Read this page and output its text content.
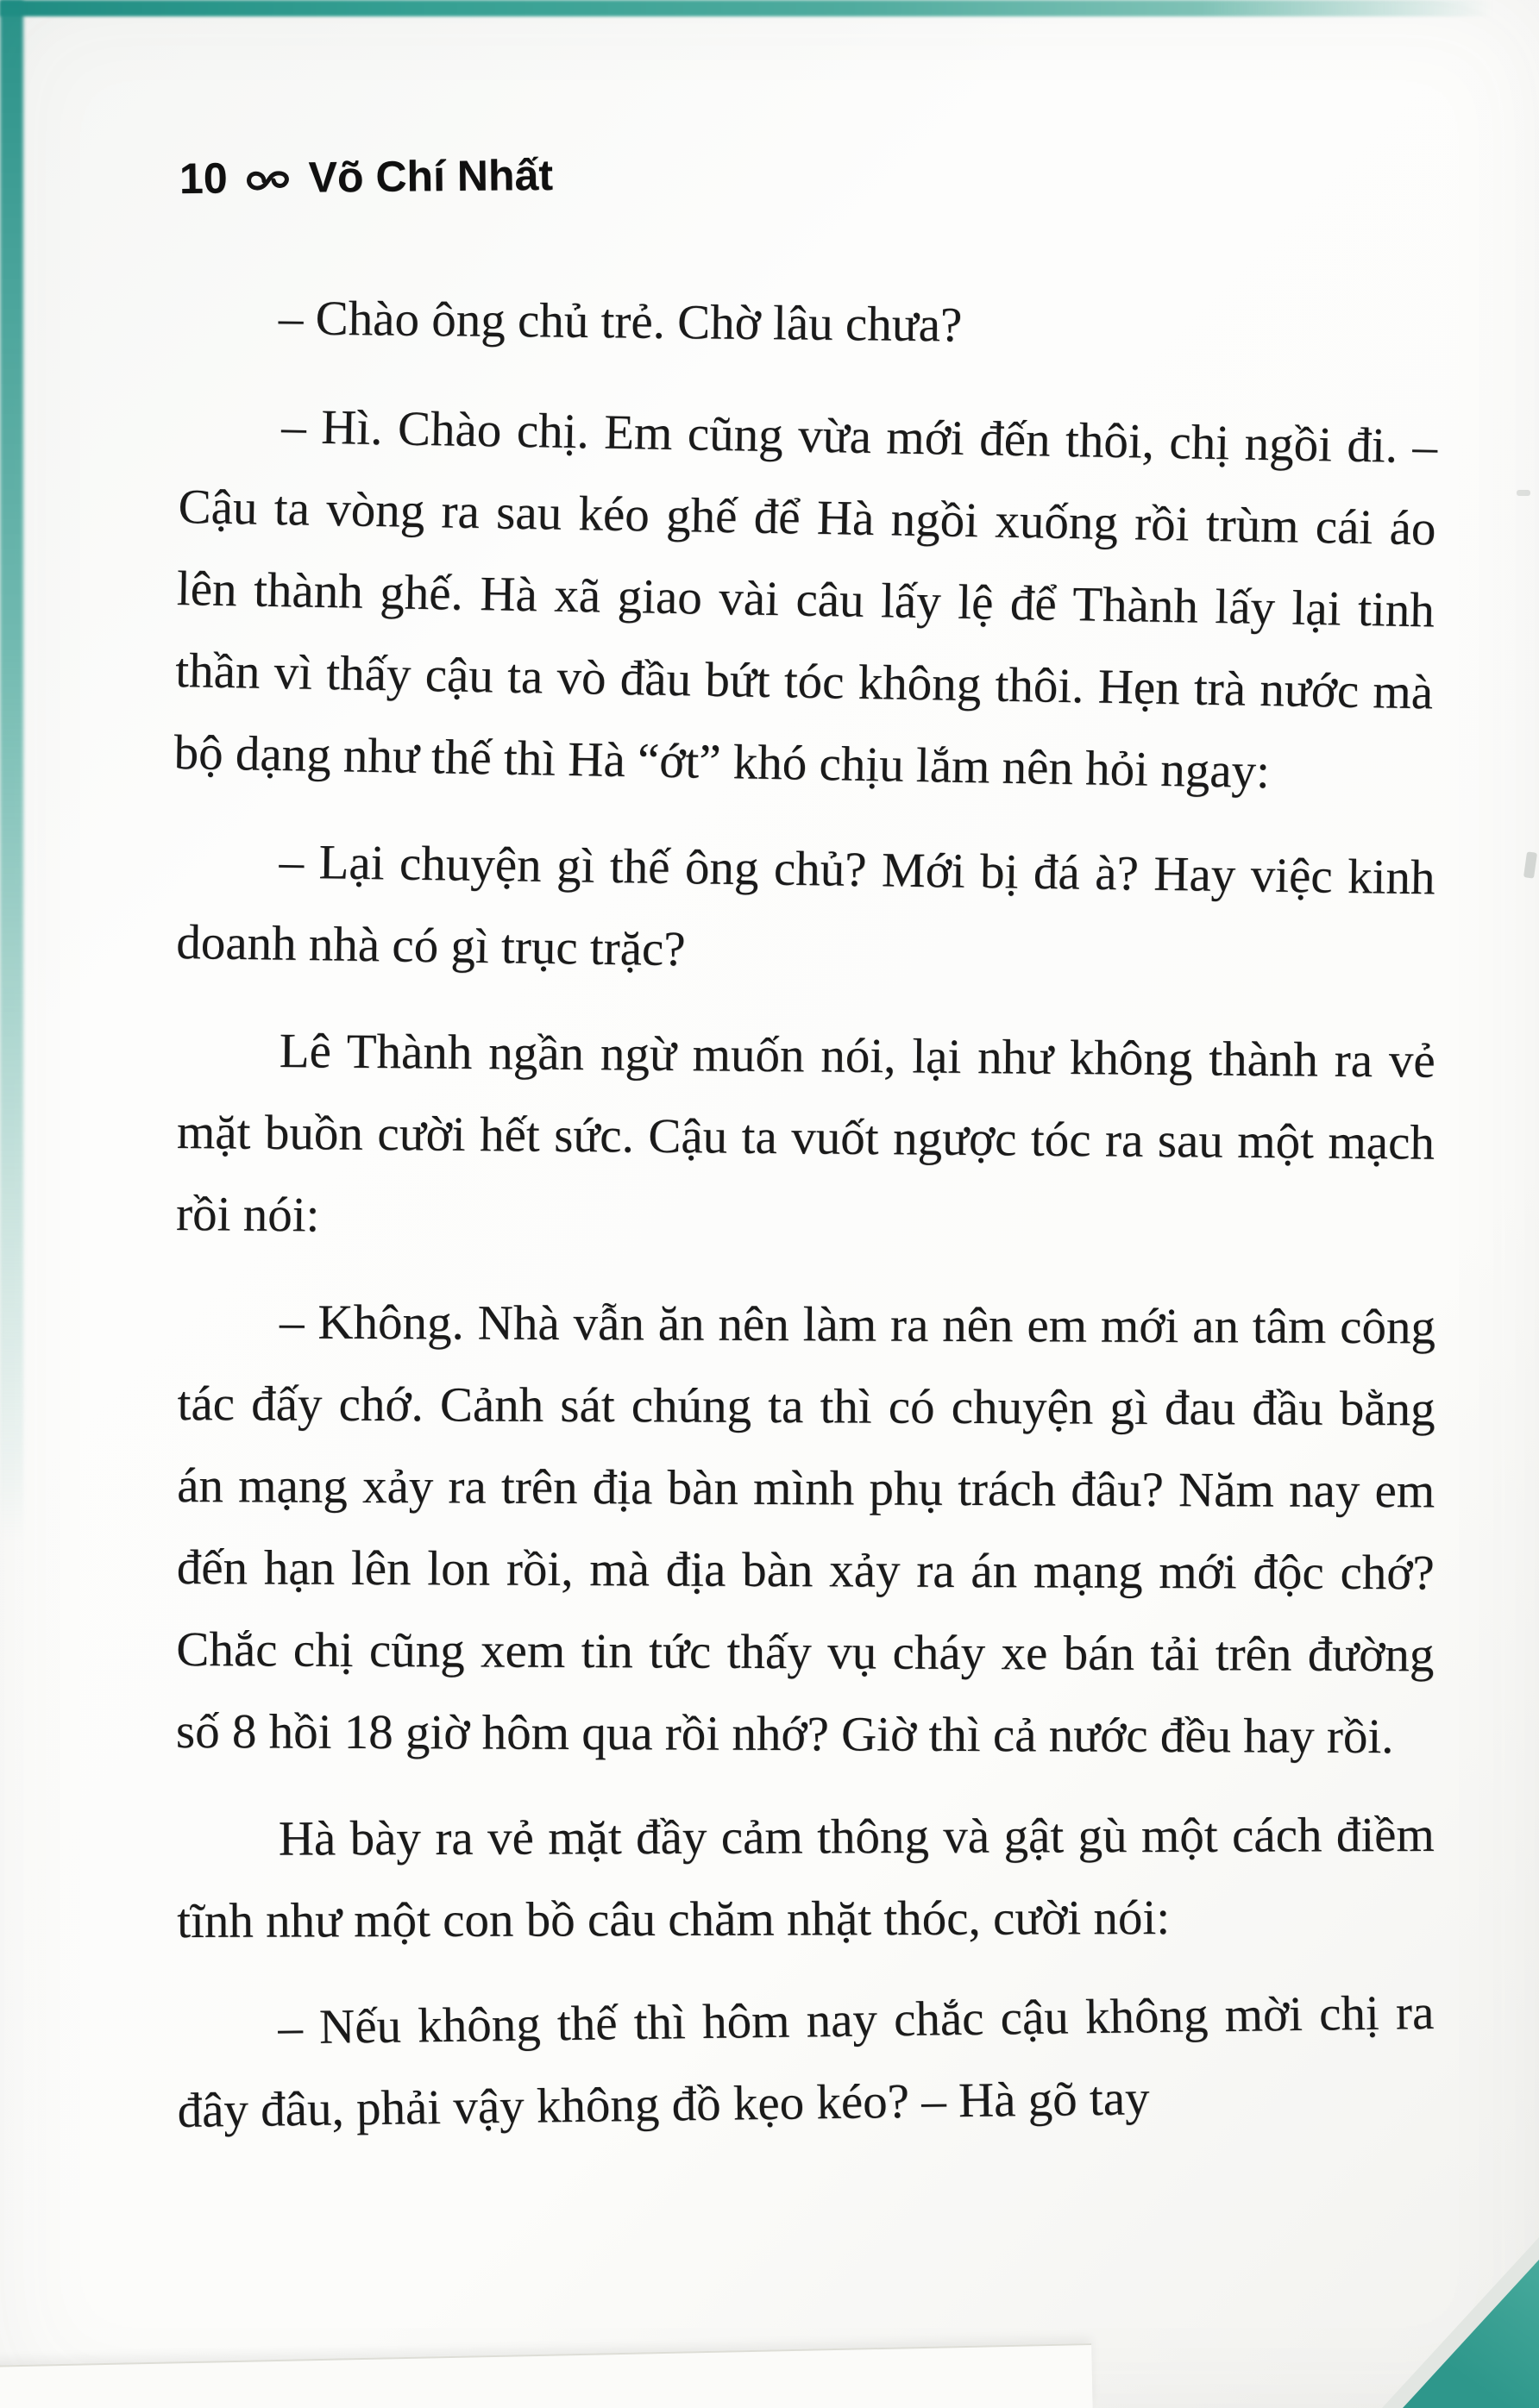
10 Võ Chí Nhất

– Chào ông chủ trẻ. Chờ lâu chưa?

– Hì. Chào chị. Em cũng vừa mới đến thôi, chị ngồi đi. – Cậu ta vòng ra sau kéo ghế để Hà ngồi xuống rồi trùm cái áo lên thành ghế. Hà xã giao vài câu lấy lệ để Thành lấy lại tinh thần vì thấy cậu ta vò đầu bứt tóc không thôi. Hẹn trà nước mà bộ dạng như thế thì Hà “ớt” khó chịu lắm nên hỏi ngay:

– Lại chuyện gì thế ông chủ? Mới bị đá à? Hay việc kinh doanh nhà có gì trục trặc?

Lê Thành ngần ngừ muốn nói, lại như không thành ra vẻ mặt buồn cười hết sức. Cậu ta vuốt ngược tóc ra sau một mạch rồi nói:

– Không. Nhà vẫn ăn nên làm ra nên em mới an tâm công tác đấy chớ. Cảnh sát chúng ta thì có chuyện gì đau đầu bằng án mạng xảy ra trên địa bàn mình phụ trách đâu? Năm nay em đến hạn lên lon rồi, mà địa bàn xảy ra án mạng mới độc chớ? Chắc chị cũng xem tin tức thấy vụ cháy xe bán tải trên đường số 8 hồi 18 giờ hôm qua rồi nhớ? Giờ thì cả nước đều hay rồi.

Hà bày ra vẻ mặt đầy cảm thông và gật gù một cách điềm tĩnh như một con bồ câu chăm nhặt thóc, cười nói:

– Nếu không thế thì hôm nay chắc cậu không mời chị ra đây đâu, phải vậy không đồ kẹo kéo? – Hà gõ tay
